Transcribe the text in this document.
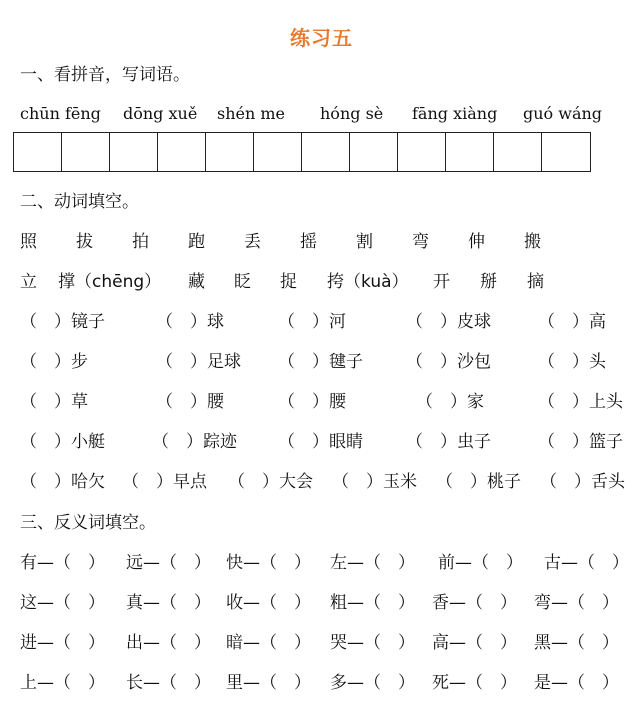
练习五
一、看拼音，写词语。
chūn fēng dōng xuě shén me hóng sè fāng xiàng guó wáng
二、动词填空。
照 拔 拍 跑 丢 摇 割 弯 伸 搬
立 撑（chēng） 藏 眨 捉 挎（kuà） 开 掰 摘
（　）镜子	（　）球	（　）河	（　）皮球	（　）高
（　）步	（　）足球 （　）毽子	（　）沙包	（　）头
（　）草	（　）腰	（　）腰	（　）家	（　）上头
（　）小艇	（　）踪迹 （　）眼睛	（　）虫子	（　）篮子
（　）哈欠 （　）早点 （　）大会 （　）玉米 （　）桃子 （　）舌头
三、反义词填空。
有—（　） 远—（　） 快—（　） 左—（　） 前—（　） 古—（　）
这—（　） 真—（　） 收—（　） 粗—（　） 香—（　） 弯—（　）
进—（　） 出—（　） 暗—（　） 哭—（　） 高—（　） 黑—（　）
上—（　） 长—（　） 里—（　） 多—（　） 死—（　） 是—（　）
